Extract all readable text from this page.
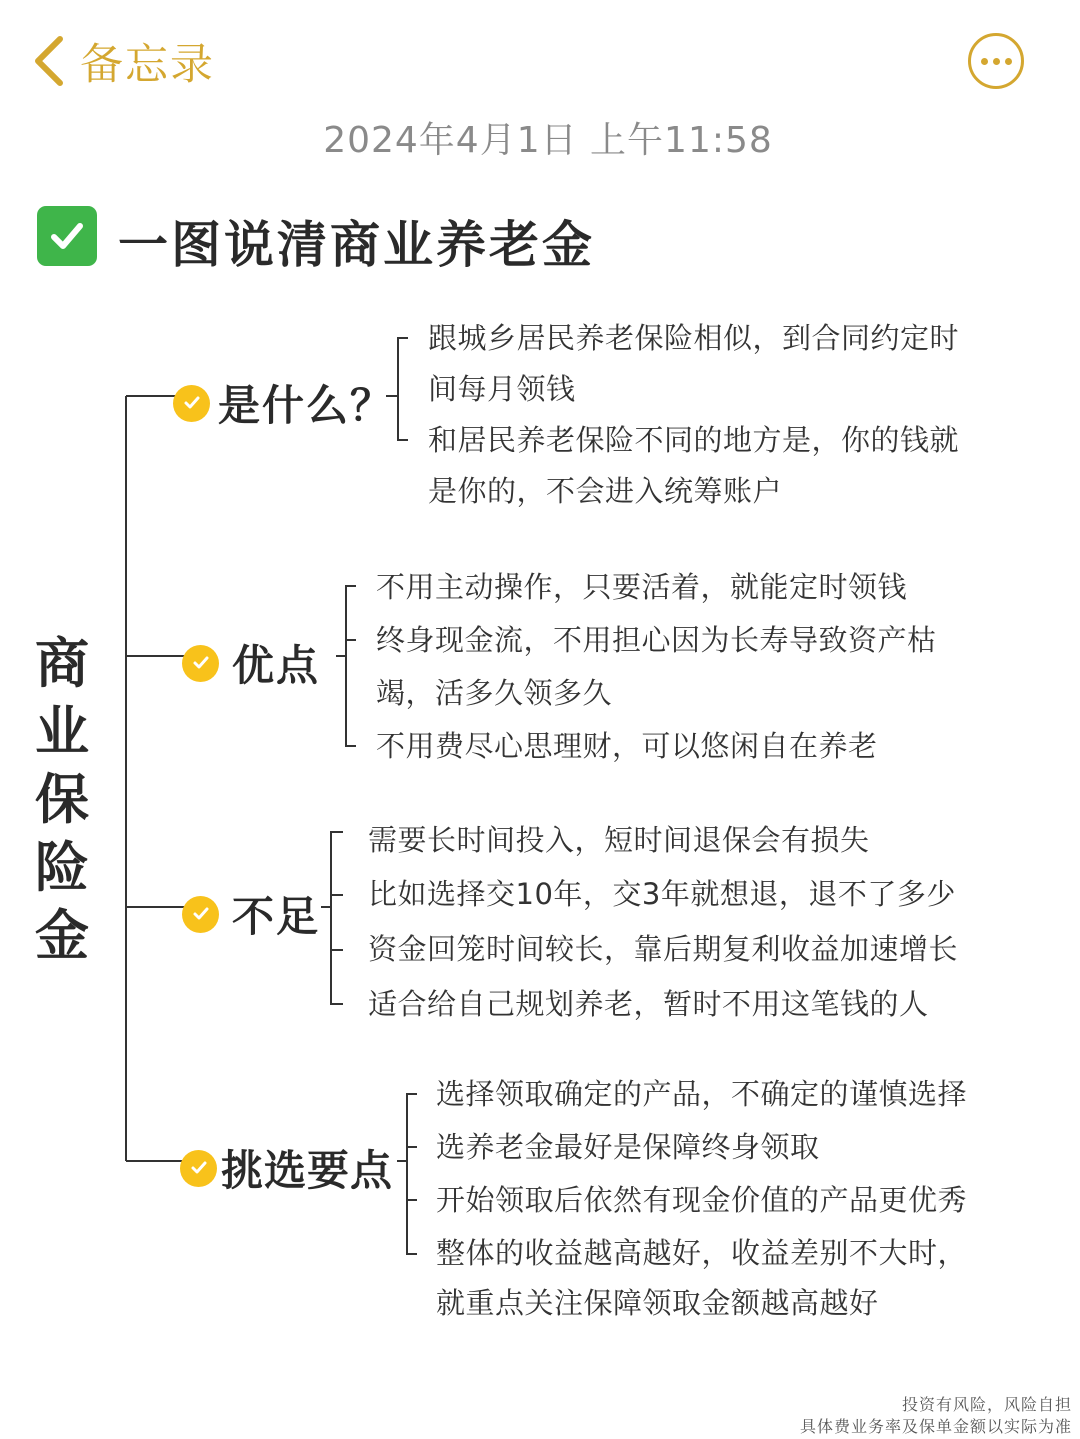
备忘录
2024年4月1日 上午11:58
一图说清商业养老金
商
业
保
险
金
是什么？
跟城乡居民养老保险相似，到合同约定时
间每月领钱
和居民养老保险不同的地方是，你的钱就
是你的，不会进入统筹账户
优点
不用主动操作，只要活着，就能定时领钱
终身现金流，不用担心因为长寿导致资产枯
竭，活多久领多久
不用费尽心思理财，可以悠闲自在养老
不足
需要长时间投入，短时间退保会有损失
比如选择交10年，交3年就想退，退不了多少
资金回笼时间较长，靠后期复利收益加速增长
适合给自己规划养老，暂时不用这笔钱的人
挑选要点
选择领取确定的产品，不确定的谨慎选择
选养老金最好是保障终身领取
开始领取后依然有现金价值的产品更优秀
整体的收益越高越好，收益差别不大时，
就重点关注保障领取金额越高越好
投资有风险，风险自担
具体费业务率及保单金额以实际为准
